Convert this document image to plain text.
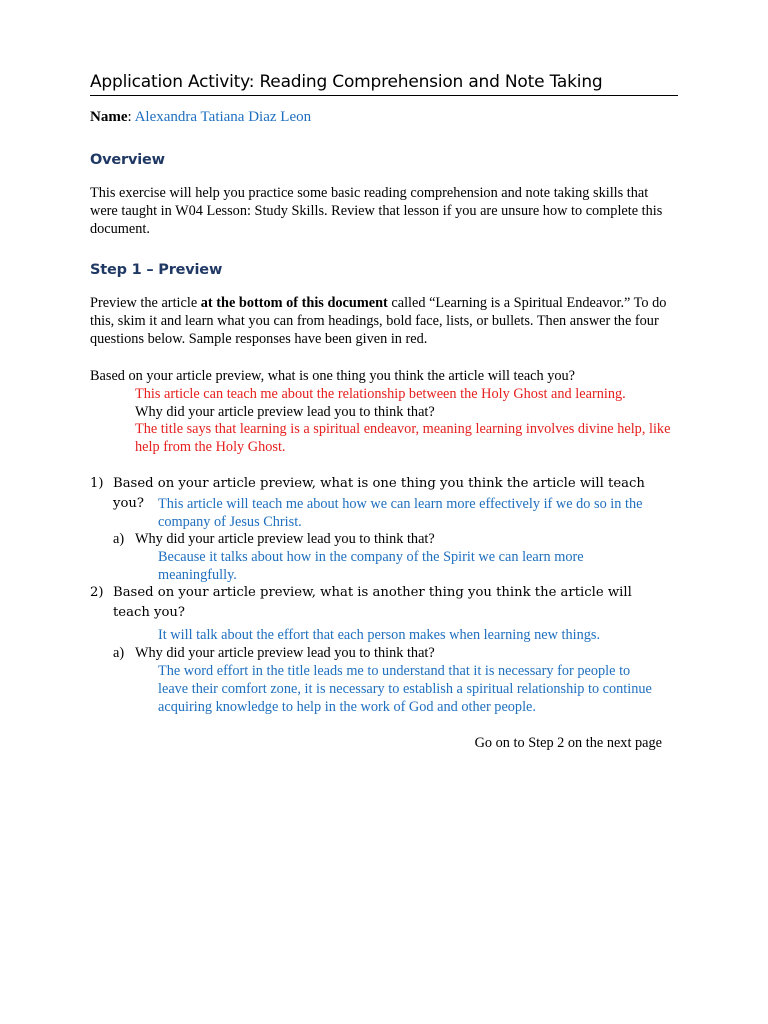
Application Activity: Reading Comprehension and Note Taking
Name: Alexandra Tatiana Diaz Leon
Overview
This exercise will help you practice some basic reading comprehension and note taking skills that were taught in W04 Lesson: Study Skills. Review that lesson if you are unsure how to complete this document.
Step 1 – Preview
Preview the article at the bottom of this document called “Learning is a Spiritual Endeavor.” To do this, skim it and learn what you can from headings, bold face, lists, or bullets. Then answer the four questions below. Sample responses have been given in red.
Based on your article preview, what is one thing you think the article will teach you?
This article can teach me about the relationship between the Holy Ghost and learning.
Why did your article preview lead you to think that?
The title says that learning is a spiritual endeavor, meaning learning involves divine help, like help from the Holy Ghost.
1) Based on your article preview, what is one thing you think the article will teach you? This article will teach me about how we can learn more effectively if we do so in the company of Jesus Christ.
a) Why did your article preview lead you to think that?
Because it talks about how in the company of the Spirit we can learn more meaningfully.
2) Based on your article preview, what is another thing you think the article will teach you?
It will talk about the effort that each person makes when learning new things.
a) Why did your article preview lead you to think that?
The word effort in the title leads me to understand that it is necessary for people to leave their comfort zone, it is necessary to establish a spiritual relationship to continue acquiring knowledge to help in the work of God and other people.
Go on to Step 2 on the next page
